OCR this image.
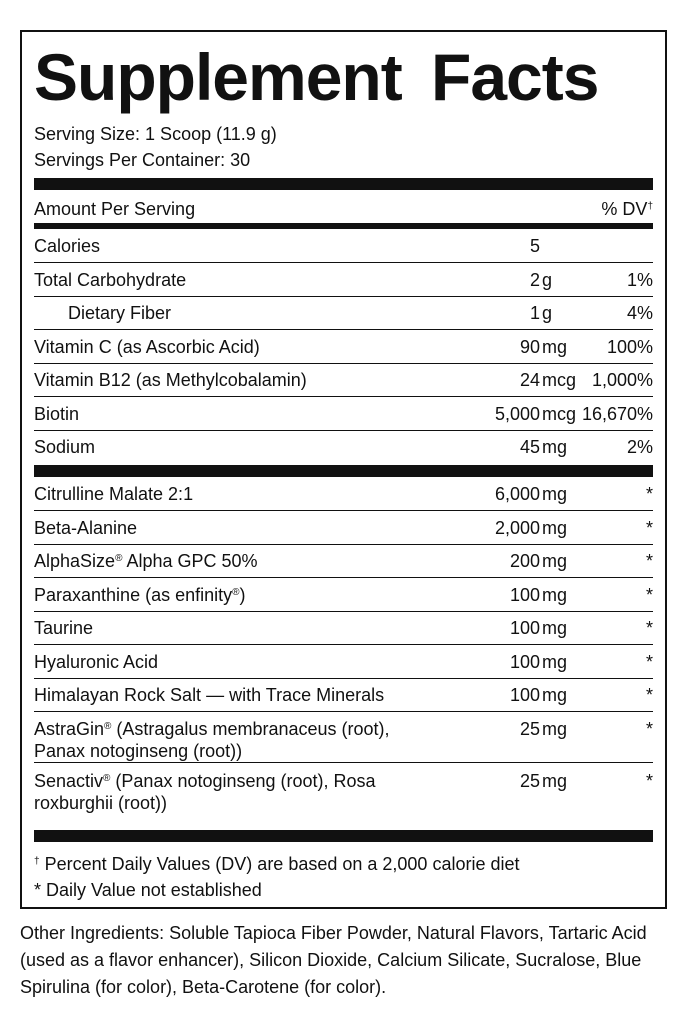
Supplement Facts
Serving Size: 1 Scoop (11.9 g)
Servings Per Container: 30
Amount Per Serving	% DV†
Calories	5
Total Carbohydrate	2 g	1%
Dietary Fiber	1 g	4%
Vitamin C (as Ascorbic Acid)	90 mg	100%
Vitamin B12 (as Methylcobalamin)	24 mcg 1,000%
Biotin	5,000 mcg 16,670%
Sodium	45 mg	2%
Citrulline Malate 2:1	6,000 mg	*
Beta-Alanine	2,000 mg	*
AlphaSize® Alpha GPC 50%	200 mg	*
Paraxanthine (as enfinity®)	100 mg	*
Taurine	100 mg	*
Hyaluronic Acid	100 mg	*
Himalayan Rock Salt — with Trace Minerals	100 mg	*
AstraGin® (Astragalus membranaceus (root),
Panax notoginseng (root))
25 mg	*
Senactiv® (Panax notoginseng (root), Rosa
roxburghii (root))
25 mg	*
† Percent Daily Values (DV) are based on a 2,000 calorie diet
* Daily Value not established
Other Ingredients: Soluble Tapioca Fiber Powder, Natural Flavors, Tartaric Acid (used as a flavor enhancer), Silicon Dioxide, Calcium Silicate, Sucralose, Blue Spirulina (for color), Beta-Carotene (for color).
